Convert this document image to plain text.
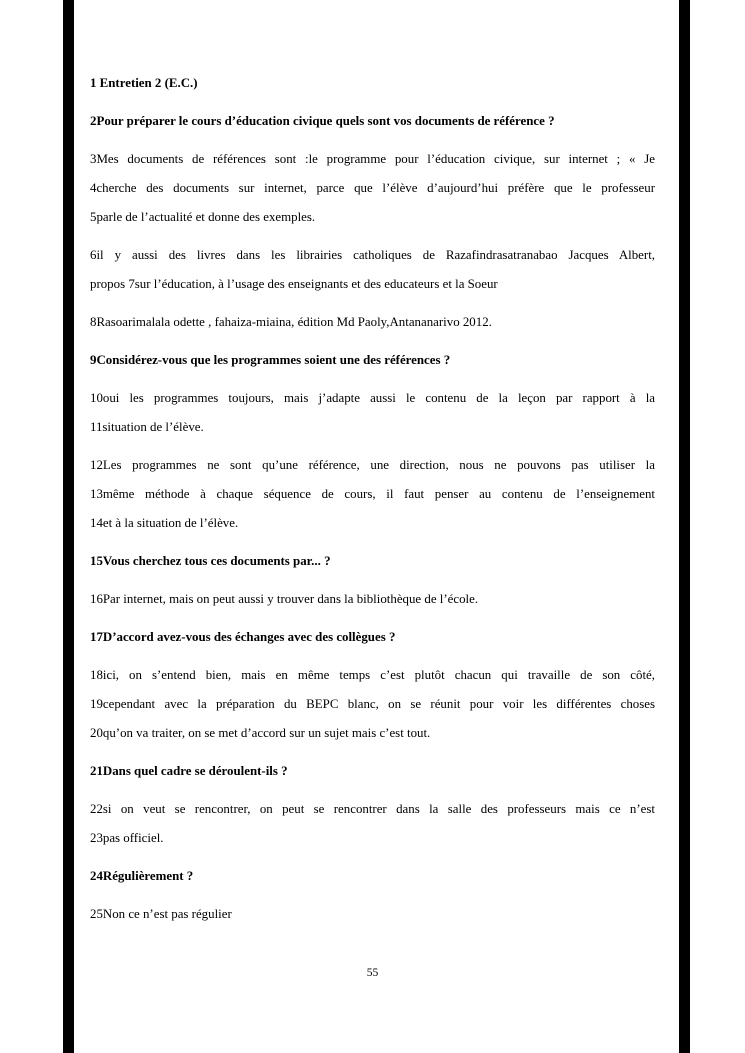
1 Entretien 2 (E.C.)
2Pour préparer le cours d’éducation civique quels sont vos documents de référence ?
3Mes documents de références sont :le programme pour l’éducation civique, sur internet ; « Je
4cherche des documents sur internet, parce que l’élève d’aujourd’hui préfère que le professeur
5parle de l’actualité et donne des exemples.
6il y aussi des livres dans les librairies catholiques de Razafindrasatranabao Jacques Albert,
propos 7sur l’éducation, à l’usage des enseignants et des educateurs et la Soeur
8Rasoarimalala odette , fahaiza-miaina, édition Md Paoly,Antananarivo 2012.
9Considérez-vous que les programmes soient une des références ?
10oui les programmes toujours, mais j’adapte aussi le contenu de la leçon par rapport à la
11situation de l’élève.
12Les programmes ne sont qu’une référence, une direction, nous ne pouvons pas utiliser la
13même méthode à chaque séquence de cours, il faut penser au contenu de l’enseignement
14et à la situation de l’élève.
15Vous cherchez tous ces documents par... ?
16Par internet, mais on peut aussi y trouver dans la bibliothèque de l’école.
17D’accord avez-vous des échanges avec des collègues ?
18ici, on s’entend bien, mais en même temps c’est plutôt chacun qui travaille de son côté,
19cependant avec la préparation du BEPC blanc, on se réunit pour voir les différentes choses
20qu’on va traiter, on se met d’accord sur un sujet mais c’est tout.
21Dans quel cadre se déroulent-ils ?
22si on veut se rencontrer, on peut se rencontrer dans la salle des professeurs mais ce n’est
23pas officiel.
24Régulièrement ?
25Non ce n’est pas régulier
55
